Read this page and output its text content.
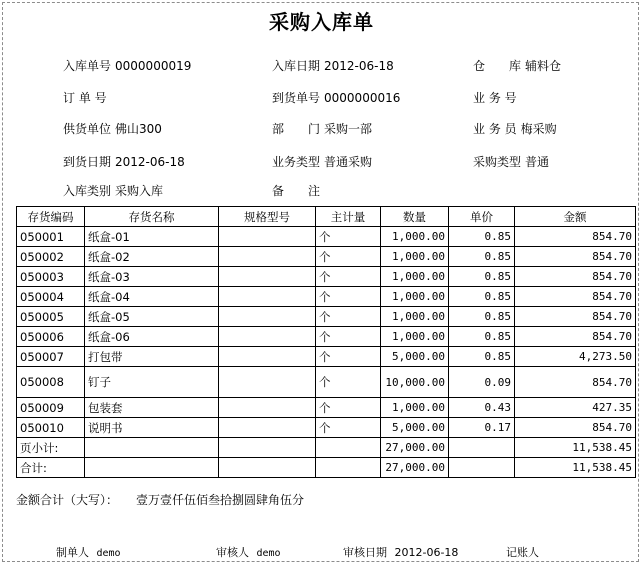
采购入库单
入库单号 0000000019	入库日期 2012-06-18	仓　　库 辅料仓
订 单 号	到货单号 0000000016	业 务 号
供货单位 佛山300	部　　门 采购一部	业 务 员 梅采购
到货日期 2012-06-18	业务类型 普通采购	采购类型 普通
入库类别 采购入库	备　　注
存货编码	存货名称	规格型号	主计量	数量	单价	金额
050001	纸盒-01		个	1,000.00	0.85	854.70
050002	纸盒-02		个	1,000.00	0.85	854.70
050003	纸盒-03		个	1,000.00	0.85	854.70
050004	纸盒-04		个	1,000.00	0.85	854.70
050005	纸盒-05		个	1,000.00	0.85	854.70
050006	纸盒-06		个	1,000.00	0.85	854.70
050007	打包带		个	5,000.00	0.85	4,273.50
050008	钉子		个	10,000.00	0.09	854.70
050009	包装套		个	1,000.00	0.43	427.35
050010	说明书		个	5,000.00	0.17	854.70
页小计:				27,000.00		11,538.45
合计:				27,000.00		11,538.45
金额合计（大写）： 壹万壹仟伍佰叁拾捌圆肆角伍分
制单人 demo	审核人 demo	审核日期 2012-06-18	记账人
